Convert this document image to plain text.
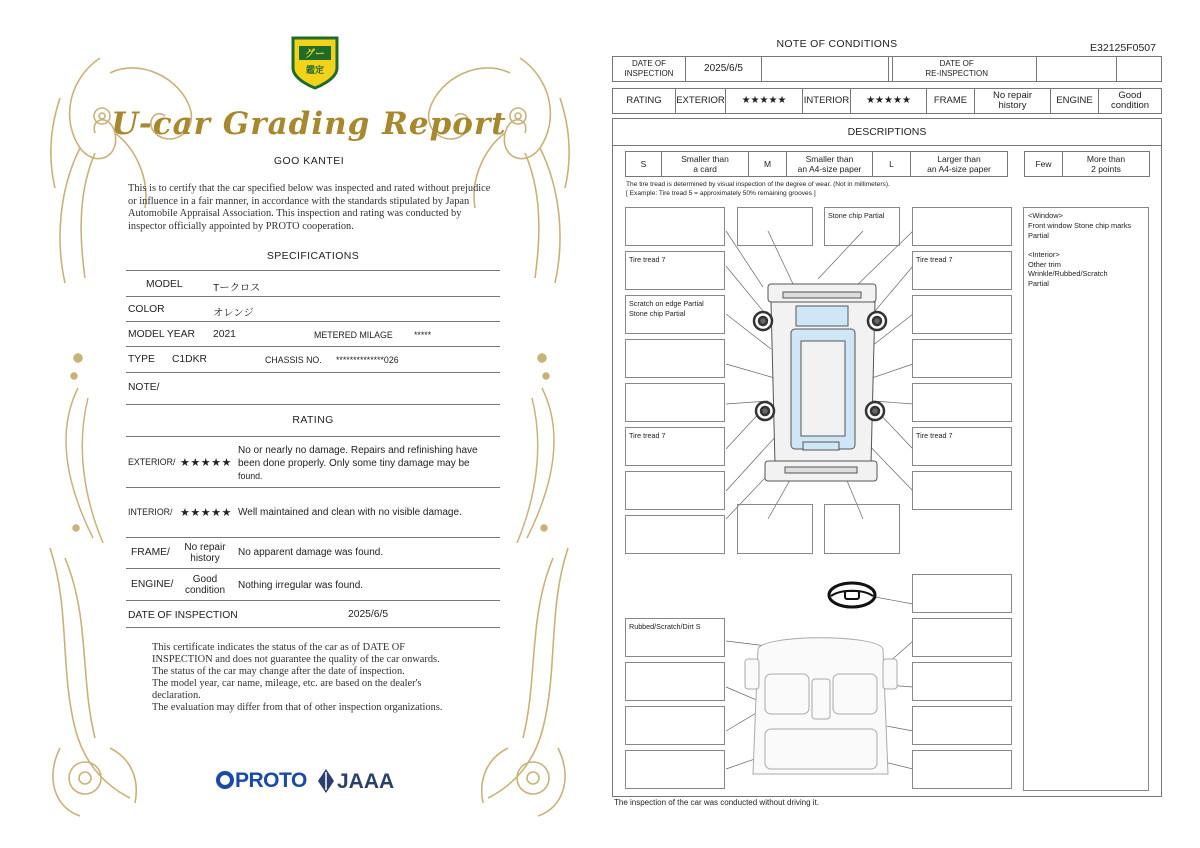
グー
鑑定
U-car Grading Report
GOO KANTEI
This is to certify that the car specified below was inspected and rated without prejudice or influence in a fair manner, in accordance with the standards stipulated by Japan Automobile Appraisal Association. This inspection and rating was conducted by inspector officially appointed by PROTO cooperation.
SPECIFICATIONS
MODEL	Tークロス
COLOR	オレンジ
MODEL YEAR 2021	METERED MILAGE *****
TYPE C1DKR	CHASSIS NO. **************026
NOTE/
RATING
EXTERIOR/ ★★★★★
No or nearly no damage. Repairs and refinishing have been done properly. Only some tiny damage may be
found.
INTERIOR/ ★★★★★ Well maintained and clean with no visible damage.
FRAME/	No repair
history
No apparent damage was found.
ENGINE/	Good
condition	Nothing irregular was found.
DATE OF INSPECTION	2025/6/5
This certificate indicates the status of the car as of DATE OF
INSPECTION and does not guarantee the quality of the car onwards.
The status of the car may change after the date of inspection.
The model year, car name, mileage, etc. are based on the dealer's
declaration.
The evaluation may differ from that of other inspection organizations.
PROTO	JAAA
NOTE OF CONDITIONS	E32125F0507
DATE OF
INSPECTION	2025/6/5	DATE OF
RE-INSPECTION
RATING	EXTERIOR	★★★★★	INTERIOR	★★★★★	FRAME	No repair
history	ENGINE	Good
condition
DESCRIPTIONS
S	Smaller than
a card	M	Smaller than
an A4-size paper	L	Larger than
an A4-size paper	Few	More than
2 points
The tire tread is determined by visual inspection of the degree of wear. (Not in millimeters).
[ Example: Tire tread 5 = approximately 50% remaining grooves ]
Tire tread 7
Scratch on edge Partial
Stone chip Partial
Tire tread 7
Stone chip Partial
Tire tread 7
Tire tread 7
Rubbed/Scratch/Dirt S

<Window>
Front window Stone chip marks Partial

<Interior>
Other trim
Wrinkle/Rubbed/Scratch
Partial

The inspection of the car was conducted without driving it.
